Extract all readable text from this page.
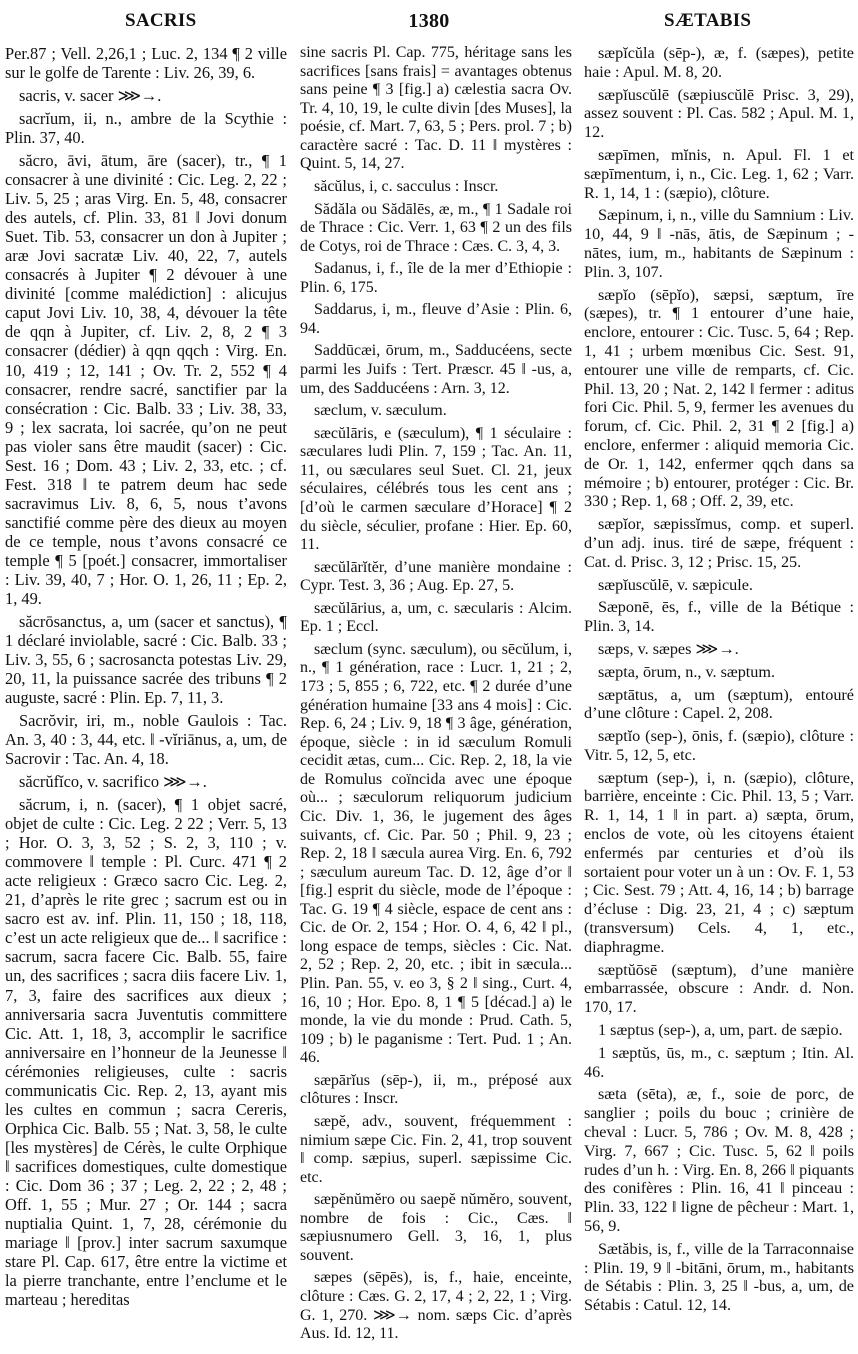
SACRIS	1380	SÆTABIS

Per.87 ; Vell. 2,26,1 ; Luc. 2, 134 ¶ 2 ville sur le golfe de Tarente : Liv. 26, 39, 6.

sacris, v. sacer ⋙→.

sacrĭum, ii, n., ambre de la Scythie : Plin. 37, 40.

săcro, āvi, ātum, āre (sacer), tr., ¶ 1 consacrer à une divinité : Cic. Leg. 2, 22 ; Liv. 5, 25 ; aras Virg. En. 5, 48, consacrer des autels, cf. Plin. 33, 81 ‖ Jovi donum Suet. Tib. 53, consacrer un don à Jupiter ; aræ Jovi sacratæ Liv. 40, 22, 7, autels consacrés à Jupiter ¶ 2 dévouer à une divinité [comme malédiction] : alicujus caput Jovi Liv. 10, 38, 4, dévouer la tête de qqn à Jupiter, cf. Liv. 2, 8, 2 ¶ 3 consacrer (dédier) à qqn qqch : Virg. En. 10, 419 ; 12, 141 ; Ov. Tr. 2, 552 ¶ 4 consacrer, rendre sacré, sanctifier par la consécration : Cic. Balb. 33 ; Liv. 38, 33, 9 ; lex sacrata, loi sacrée, qu’on ne peut pas violer sans être maudit (sacer) : Cic. Sest. 16 ; Dom. 43 ; Liv. 2, 33, etc. ; cf. Fest. 318 ‖ te patrem deum hac sede sacravimus Liv. 8, 6, 5, nous t’avons sanctifié comme père des dieux au moyen de ce temple, nous t’avons consacré ce temple ¶ 5 [poét.] consacrer, immortaliser : Liv. 39, 40, 7 ; Hor. O. 1, 26, 11 ; Ep. 2, 1, 49.

săcrōsanctus, a, um (sacer et sanctus), ¶ 1 déclaré inviolable, sacré : Cic. Balb. 33 ; Liv. 3, 55, 6 ; sacrosancta potestas Liv. 29, 20, 11, la puissance sacrée des tribuns ¶ 2 auguste, sacré : Plin. Ep. 7, 11, 3.

Sacrŏvir, iri, m., noble Gaulois : Tac. An. 3, 40 : 3, 44, etc. ‖ -vĭriānus, a, um, de Sacrovir : Tac. An. 4, 18.

săcrŭfĭco, v. sacrifico ⋙→.

săcrum, i, n. (sacer), ¶ 1 objet sacré, objet de culte : Cic. Leg. 2 22 ; Verr. 5, 13 ; Hor. O. 3, 3, 52 ; S. 2, 3, 110 ; v. commovere ‖ temple : Pl. Curc. 471 ¶ 2 acte religieux : Græco sacro Cic. Leg. 2, 21, d’après le rite grec ; sacrum est ou in sacro est av. inf. Plin. 11, 150 ; 18, 118, c’est un acte religieux que de... ‖ sacrifice : sacrum, sacra facere Cic. Balb. 55, faire un, des sacrifices ; sacra diis facere Liv. 1, 7, 3, faire des sacrifices aux dieux ; anniversaria sacra Juventutis committere Cic. Att. 1, 18, 3, accomplir le sacrifice anniversaire en l’honneur de la Jeunesse ‖ cérémonies religieuses, culte : sacris communicatis Cic. Rep. 2, 13, ayant mis les cultes en commun ; sacra Cereris, Orphica Cic. Balb. 55 ; Nat. 3, 58, le culte [les mystères] de Cérès, le culte Orphique ‖ sacrifices domestiques, culte domestique : Cic. Dom 36 ; 37 ; Leg. 2, 22 ; 2, 48 ; Off. 1, 55 ; Mur. 27 ; Or. 144 ; sacra nuptialia Quint. 1, 7, 28, cérémonie du mariage ‖ [prov.] inter sacrum saxumque stare Pl. Cap. 617, être entre la victime et la pierre tranchante, entre l’enclume et le marteau ; hereditas

sine sacris Pl. Cap. 775, héritage sans les sacrifices [sans frais] = avantages obtenus sans peine ¶ 3 [fig.] a) cælestia sacra Ov. Tr. 4, 10, 19, le culte divin [des Muses], la poésie, cf. Mart. 7, 63, 5 ; Pers. prol. 7 ; b) caractère sacré : Tac. D. 11 ‖ mystères : Quint. 5, 14, 27.

săcŭlus, i, c. sacculus : Inscr.

Sădăla ou Sădālēs, æ, m., ¶ 1 Sadale roi de Thrace : Cic. Verr. 1, 63 ¶ 2 un des fils de Cotys, roi de Thrace : Cæs. C. 3, 4, 3.

Sadanus, i, f., île de la mer d’Ethiopie : Plin. 6, 175.

Saddarus, i, m., fleuve d’Asie : Plin. 6, 94.

Saddūcæi, ōrum, m., Sadducéens, secte parmi les Juifs : Tert. Præscr. 45 ‖ -us, a, um, des Sadducéens : Arn. 3, 12.

sæclum, v. sæculum.

sæcŭlāris, e (sæculum), ¶ 1 séculaire : sæculares ludi Plin. 7, 159 ; Tac. An. 11, 11, ou sæculares seul Suet. Cl. 21, jeux séculaires, célébrés tous les cent ans ; [d’où le carmen sæculare d’Horace] ¶ 2 du siècle, séculier, profane : Hier. Ep. 60, 11.

sæcŭlārĭtĕr, d’une manière mondaine : Cypr. Test. 3, 36 ; Aug. Ep. 27, 5.

sæcŭlārius, a, um, c. sæcularis : Alcim. Ep. 1 ; Eccl.

sæclum (sync. sæculum), ou sēcŭlum, i, n., ¶ 1 génération, race : Lucr. 1, 21 ; 2, 173 ; 5, 855 ; 6, 722, etc. ¶ 2 durée d’une génération humaine [33 ans 4 mois] : Cic. Rep. 6, 24 ; Liv. 9, 18 ¶ 3 âge, génération, époque, siècle : in id sæculum Romuli cecidit ætas, cum... Cic. Rep. 2, 18, la vie de Romulus coïncida avec une époque où... ; sæculorum reliquorum judicium Cic. Div. 1, 36, le jugement des âges suivants, cf. Cic. Par. 50 ; Phil. 9, 23 ; Rep. 2, 18 ‖ sæcula aurea Virg. En. 6, 792 ; sæculum aureum Tac. D. 12, âge d’or ‖ [fig.] esprit du siècle, mode de l’époque : Tac. G. 19 ¶ 4 siècle, espace de cent ans : Cic. de Or. 2, 154 ; Hor. O. 4, 6, 42 ‖ pl., long espace de temps, siècles : Cic. Nat. 2, 52 ; Rep. 2, 20, etc. ; ibit in sæcula... Plin. Pan. 55, v. eo 3, § 2 ‖ sing., Curt. 4, 16, 10 ; Hor. Epo. 8, 1 ¶ 5 [décad.] a) le monde, la vie du monde : Prud. Cath. 5, 109 ; b) le paganisme : Tert. Pud. 1 ; An. 46.

sæpārĭus (sēp-), ii, m., préposé aux clôtures : Inscr.

sæpĕ, adv., souvent, fréquemment : nimium sæpe Cic. Fin. 2, 41, trop souvent ‖ comp. sæpius, superl. sæpissime Cic. etc.

sæpĕnŭmĕro ou saepĕ nŭmĕro, souvent, nombre de fois : Cic., Cæs. ‖ sæpiusnumero Gell. 3, 16, 1, plus souvent.

sæpes (sēpēs), is, f., haie, enceinte, clôture : Cæs. G. 2, 17, 4 ; 2, 22, 1 ; Virg. G. 1, 270. ⋙→ nom. sæps Cic. d’après Aus. Id. 12, 11.

sæpĭcŭla (sēp-), æ, f. (sæpes), petite haie : Apul. M. 8, 20.

sæpĭuscŭlē (sæpiuscŭlē Prisc. 3, 29), assez souvent : Pl. Cas. 582 ; Apul. M. 1, 12.

sæpīmen, mĭnis, n. Apul. Fl. 1 et sæpīmentum, i, n., Cic. Leg. 1, 62 ; Varr. R. 1, 14, 1 : (sæpio), clôture.

Sæpinum, i, n., ville du Samnium : Liv. 10, 44, 9 ‖ -nās, ātis, de Sæpinum ; -nātes, ium, m., habitants de Sæpinum : Plin. 3, 107.

sæpĭo (sēpĭo), sæpsi, sæptum, īre (sæpes), tr. ¶ 1 entourer d’une haie, enclore, entourer : Cic. Tusc. 5, 64 ; Rep. 1, 41 ; urbem mœnibus Cic. Sest. 91, entourer une ville de remparts, cf. Cic. Phil. 13, 20 ; Nat. 2, 142 ‖ fermer : aditus fori Cic. Phil. 5, 9, fermer les avenues du forum, cf. Cic. Phil. 2, 31 ¶ 2 [fig.] a) enclore, enfermer : aliquid memoria Cic. de Or. 1, 142, enfermer qqch dans sa mémoire ; b) entourer, protéger : Cic. Br. 330 ; Rep. 1, 68 ; Off. 2, 39, etc.

sæpĭor, sæpissĭmus, comp. et superl. d’un adj. inus. tiré de sæpe, fréquent : Cat. d. Prisc. 3, 12 ; Prisc. 15, 25.

sæpĭuscŭlē, v. sæpicule.

Sæponē, ēs, f., ville de la Bétique : Plin. 3, 14.

sæps, v. sæpes ⋙→.

sæpta, ōrum, n., v. sæptum.

sæptātus, a, um (sæptum), entouré d’une clôture : Capel. 2, 208.

sæptĭo (sep-), ōnis, f. (sæpio), clôture : Vitr. 5, 12, 5, etc.

sæptum (sep-), i, n. (sæpio), clôture, barrière, enceinte : Cic. Phil. 13, 5 ; Varr. R. 1, 14, 1 ‖ in part. a) sæpta, ōrum, enclos de vote, où les citoyens étaient enfermés par centuries et d’où ils sortaient pour voter un à un : Ov. F. 1, 53 ; Cic. Sest. 79 ; Att. 4, 16, 14 ; b) barrage d’écluse : Dig. 23, 21, 4 ; c) sæptum (transversum) Cels. 4, 1, etc., diaphragme.

sæptŭōsē (sæptum), d’une manière embarrassée, obscure : Andr. d. Non. 170, 17.

1 sæptus (sep-), a, um, part. de sæpio.

1 sæptŭs, ūs, m., c. sæptum ; Itin. Al. 46.

sæta (sēta), æ, f., soie de porc, de sanglier ; poils du bouc ; crinière de cheval : Lucr. 5, 786 ; Ov. M. 8, 428 ; Virg. 7, 667 ; Cic. Tusc. 5, 62 ‖ poils rudes d’un h. : Virg. En. 8, 266 ‖ piquants des conifères : Plin. 16, 41 ‖ pinceau : Plin. 33, 122 ‖ ligne de pêcheur : Mart. 1, 56, 9.

Sætăbis, is, f., ville de la Tarraconnaise : Plin. 19, 9 ‖ -bitāni, ōrum, m., habitants de Sétabis : Plin. 3, 25 ‖ -bus, a, um, de Sétabis : Catul. 12, 14.
